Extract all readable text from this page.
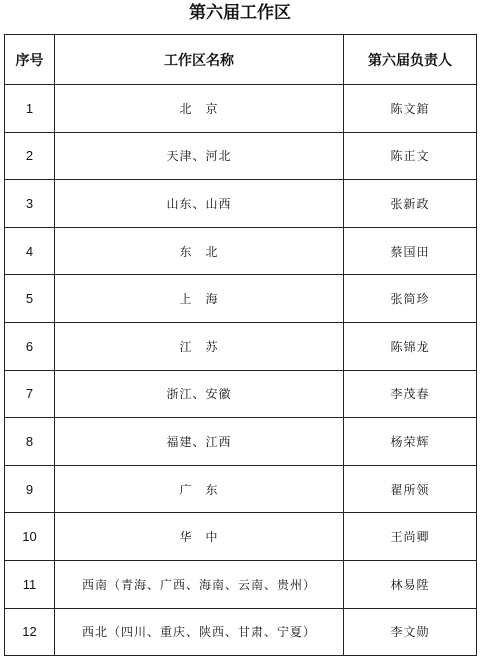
第六届工作区
序号	工作区名称	第六届负责人
1	北　京	陈文錧
2	天津、河北	陈正文
3	山东、山西	张新政
4	东　北	蔡国田
5	上　海	张简珍
6	江　苏	陈锦龙
7	浙江、安徽	李茂春
8	福建、江西	杨荣辉
9	广　东	翟所领
10	华　中	王尚卿
11	西南（青海、广西、海南、云南、贵州）	林易陞
12	西北（四川、重庆、陕西、甘肃、宁夏）	李文勋
